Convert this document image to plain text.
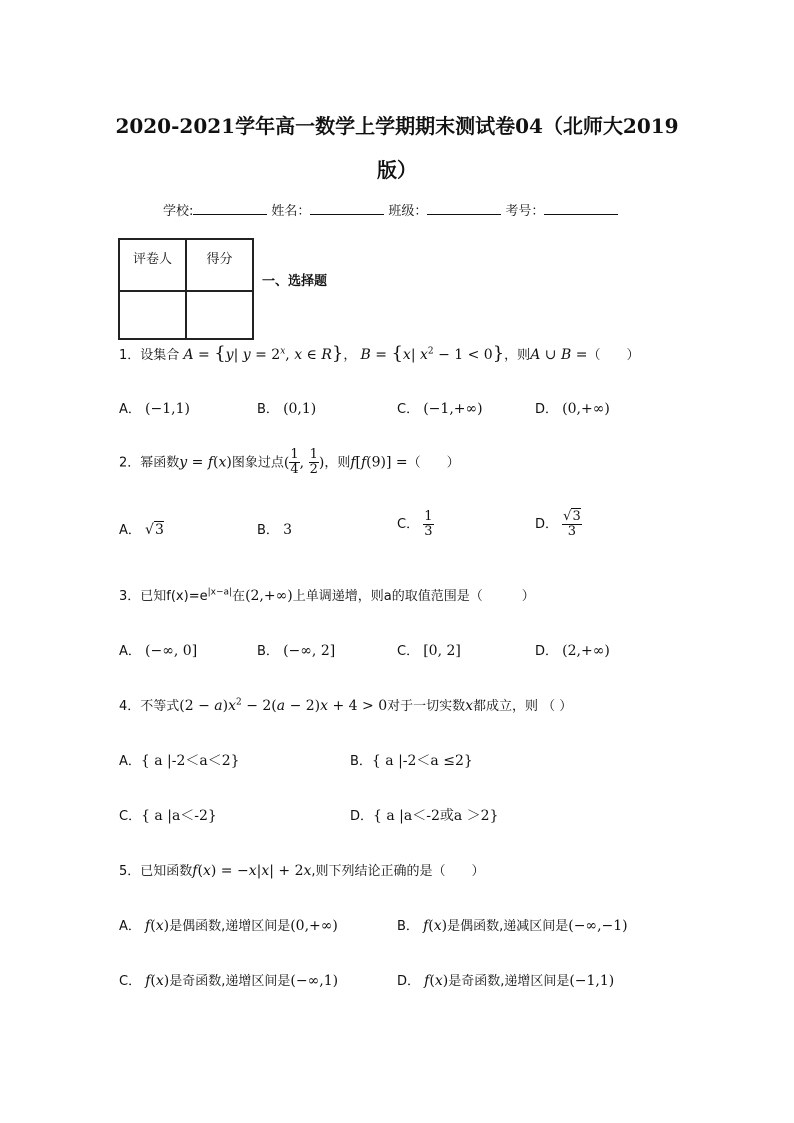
2020-2021学年高一数学上学期期末测试卷04（北师大2019
版）
学校:	姓名：	班级：	考号：
评卷人	得分

一、选择题
1．设集合 A = {y| $y = 2^x$, x ∈ R}， B = {x| $x^2 - 1 < 0$}，则A ∪ B =（　　）
A． (−1,1)	B． (0,1)	C． (−1,+∞)	D． (0,+∞)
2．幂函数y = f(x)图象过点( $\frac{1}{4}$ , $\frac{1}{2}$ )，则f[f(9)] =（　　）
A． √3	B． 3	C． $\frac{1}{3}$	D． $\frac{√3}{3}$
3．已知$f(x)=e^{|x-a|}$在(2,+∞)上单调递增，则a的取值范围是（　　　）
A． (−∞, 0]	B． (−∞, 2]	C． [0, 2]	D． (2,+∞)
4．不等式$(2 - a)x^2 - 2(a - 2)x + 4 > 0$对于一切实数x都成立，则 （ ）
A．{ a |-2＜a＜2}	B．{ a |-2＜a ≤2}
C．{ a |a＜-2}	D．{ a |a＜-2或a ＞2}
5．已知函数f(x) = −x|x| + 2x,则下列结论正确的是（　　）
A． f(x)是偶函数,递增区间是(0,+∞)	B． f(x)是偶函数,递减区间是(−∞,−1)
C． f(x)是奇函数,递增区间是(−∞,1)	D． f(x)是奇函数,递增区间是(−1,1)
